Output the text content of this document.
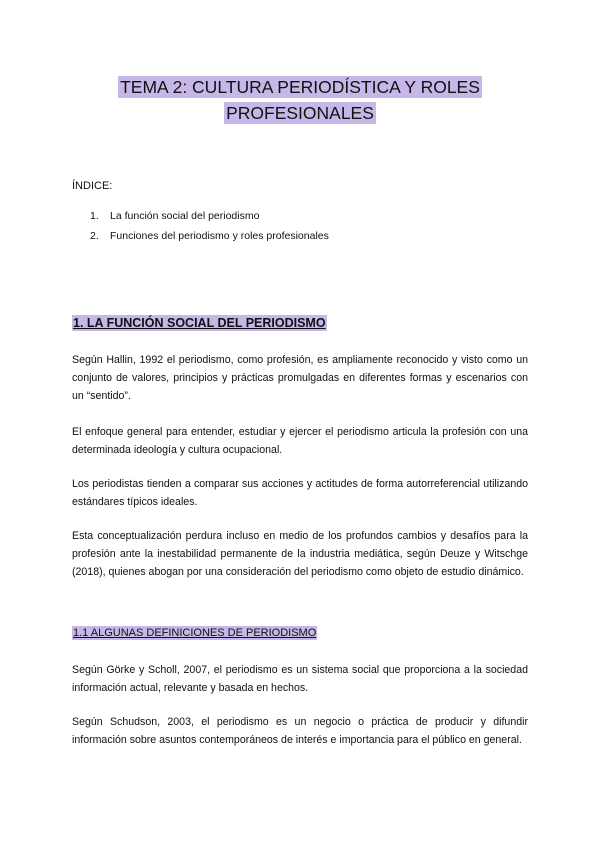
TEMA 2: CULTURA PERIODÍSTICA Y ROLES
PROFESIONALES
ÍNDICE:
1.	La función social del periodismo
2.	Funciones del periodismo y roles profesionales
1. LA FUNCIÓN SOCIAL DEL PERIODISMO

Según Hallin, 1992 el periodismo, como profesión, es ampliamente reconocido y visto como un conjunto de valores, principios y prácticas promulgadas en diferentes formas y escenarios con un “sentido”.

El enfoque general para entender, estudiar y ejercer el periodismo articula la profesión con una determinada ideología y cultura ocupacional.

Los periodistas tienden a comparar sus acciones y actitudes de forma autorreferencial utilizando estándares típicos ideales.

Esta conceptualización perdura incluso en medio de los profundos cambios y desafíos para la profesión ante la inestabilidad permanente de la industria mediática, según Deuze y Witschge (2018), quienes abogan por una consideración del periodismo como objeto de estudio dinámico.

1.1 ALGUNAS DEFINICIONES DE PERIODISMO

Según Görke y Scholl, 2007, el periodismo es un sistema social que proporciona a la sociedad información actual, relevante y basada en hechos.

Según Schudson, 2003, el periodismo es un negocio o práctica de producir y difundir información sobre asuntos contemporáneos de interés e importancia para el público en general.
